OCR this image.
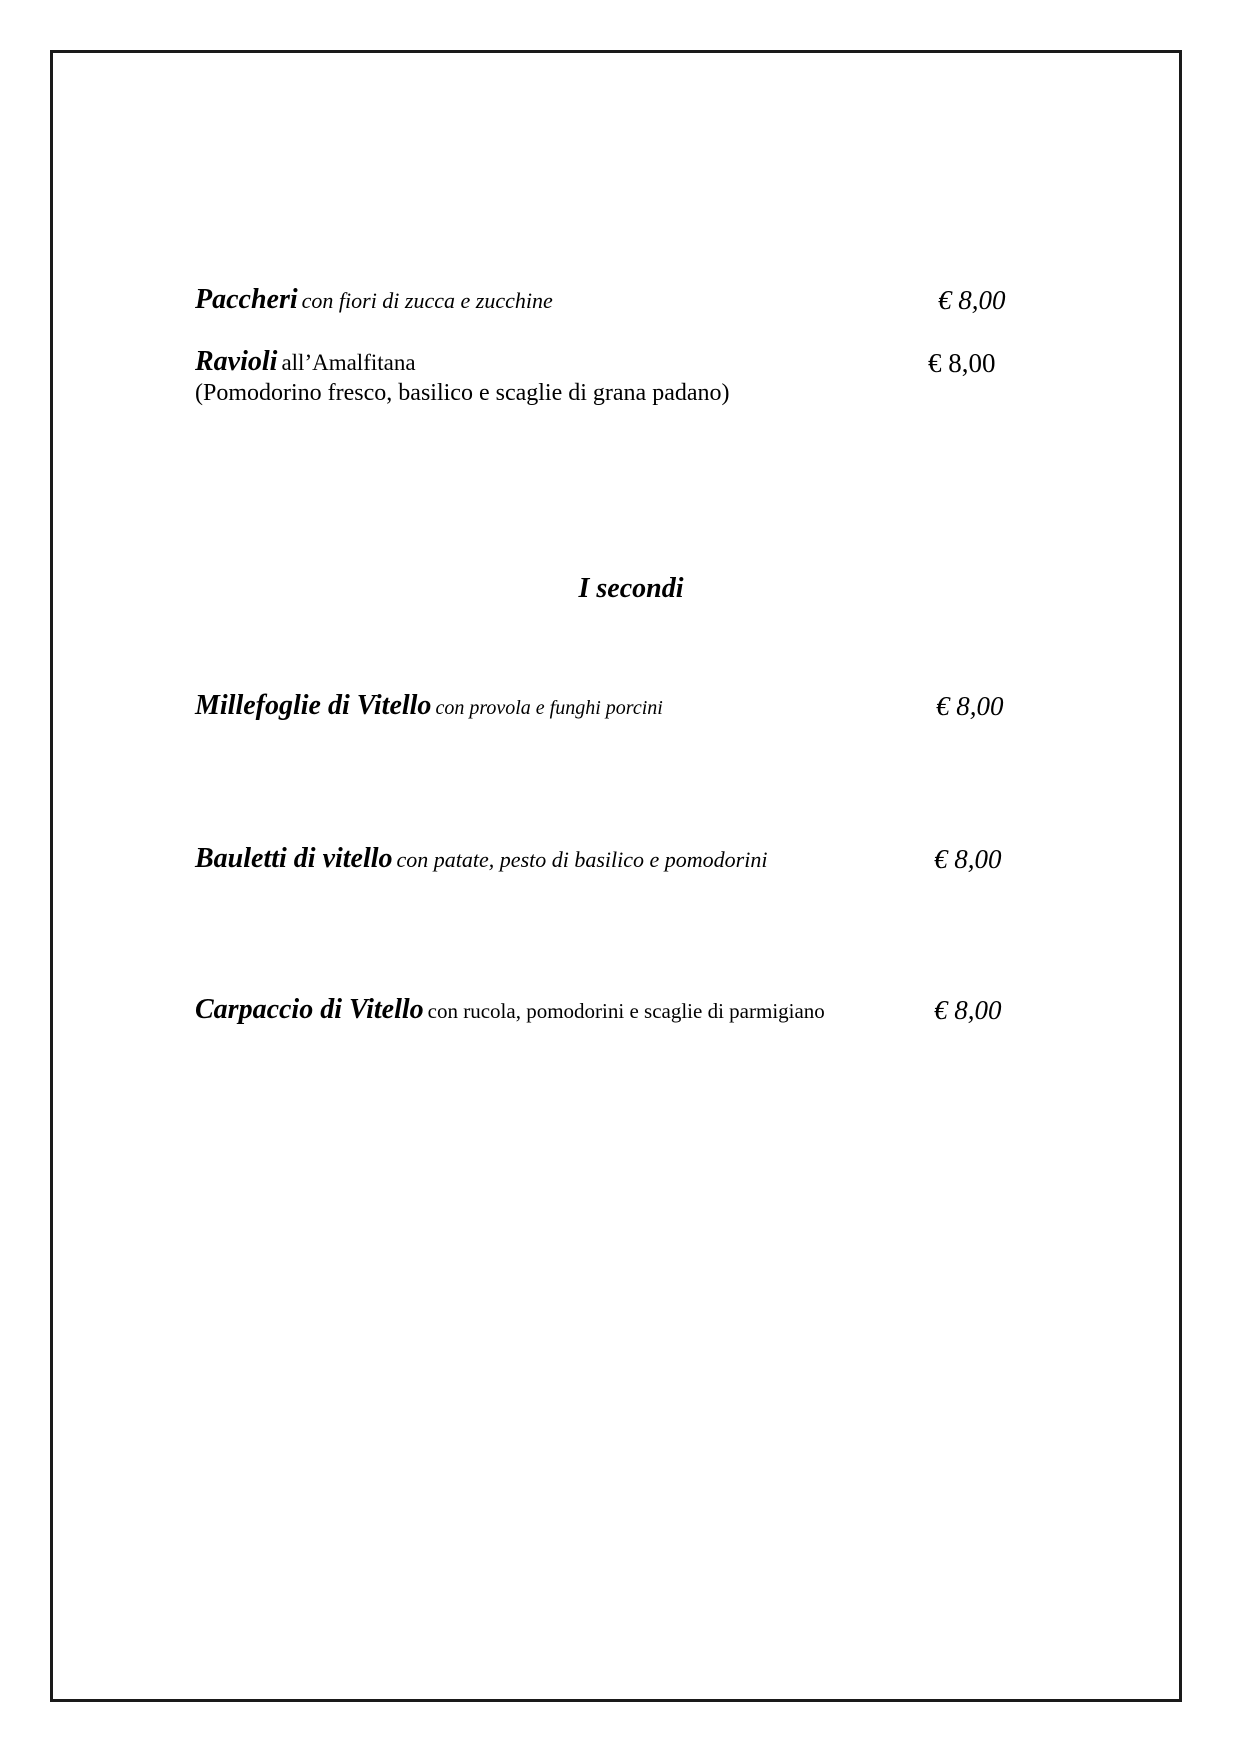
Paccheri con fiori di zucca e zucchine	€ 8,00
Ravioli all’Amalfitana
(Pomodorino fresco, basilico e scaglie di grana padano)
€ 8,00
I secondi
Millefoglie di Vitello con provola e funghi porcini	€ 8,00
Bauletti di vitello con patate, pesto di basilico e pomodorini	€ 8,00
Carpaccio di Vitello con rucola, pomodorini e scaglie di parmigiano	€ 8,00
